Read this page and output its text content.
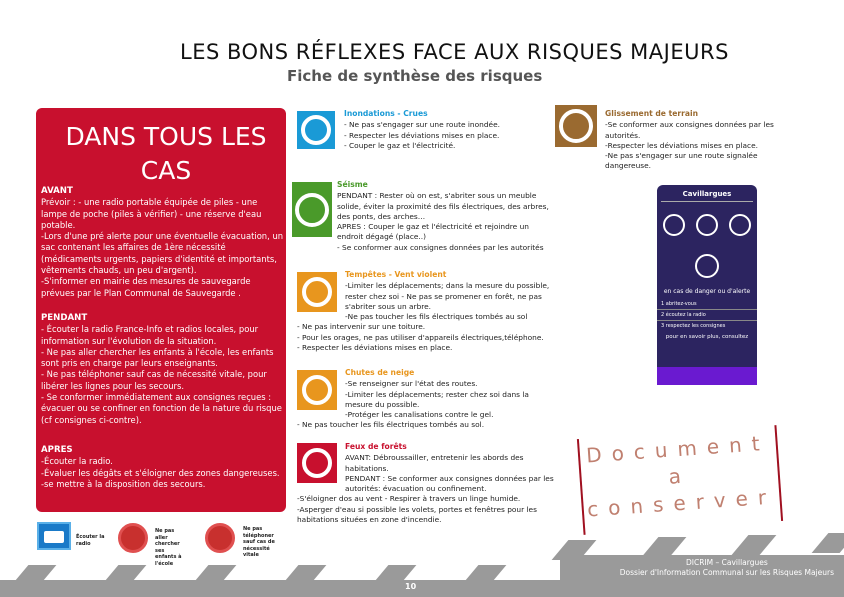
LES BONS RÉFLEXES FACE AUX RISQUES MAJEURS
Fiche de synthèse des risques
DANS TOUS LES CAS
AVANT

Prévoir : - une radio portable équipée de piles - une lampe de poche (piles à vérifier) - une réserve d'eau potable.
-Lors d'une pré alerte pour une éventuelle évacuation, un sac contenant les affaires de 1ère nécessité (médicaments urgents, papiers d'identité et importants, vêtements chauds, un peu d'argent).
-S'informer en mairie des mesures de sauvegarde prévues par le Plan Communal de Sauvegarde .

PENDANT

- Écouter la radio France-Info et radios locales, pour information sur l'évolution de la situation.
- Ne pas aller chercher les enfants à l'école, les enfants sont pris en charge par leurs enseignants.
- Ne pas téléphoner sauf cas de nécessité vitale, pour libérer les lignes pour les secours.
- Se conformer immédiatement aux consignes reçues : évacuer ou se confiner en fonction de la nature du risque (cf consignes ci-contre).

APRES

-Écouter la radio.
-Évaluer les dégâts et s'éloigner des zones dangereuses.
-se mettre à la disposition des secours.

Écouter la radio
Ne pas aller chercher ses enfants à l'école
Ne pas téléphoner sauf cas de nécessité vitale
Inondations - Crues

- Ne pas s'engager sur une route inondée.
- Respecter les déviations mises en place.
- Couper le gaz et l'électricité.

Séisme

PENDANT : Rester où on est, s'abriter sous un meuble solide, éviter la proximité des fils électriques, des arbres, des ponts, des arches…
APRES : Couper le gaz et l'électricité et rejoindre un endroit dégagé (place..)
- Se conformer aux consignes données par les autorités

Tempêtes - Vent violent

-Limiter les déplacements; dans la mesure du possible, rester chez soi - Ne pas se promener en forêt, ne pas s'abriter sous un arbre.
-Ne pas toucher les fils électriques tombés au sol

- Ne pas intervenir sur une toiture.
- Pour les orages, ne pas utiliser d'appareils électriques,téléphone.
- Respecter les déviations mises en place.

Chutes de neige

-Se renseigner sur l'état des routes.
-Limiter les déplacements; rester chez soi dans la mesure du possible.
-Protéger les canalisations contre le gel.

- Ne pas toucher les fils électriques tombés au sol.

Feux de forêts

AVANT: Débroussailler, entretenir les abords des habitations.
PENDANT : Se conformer aux consignes données par les autorités: évacuation ou confinement.

-S'éloigner dos au vent - Respirer à travers un linge humide.
-Asperger d'eau si possible les volets, portes et fenêtres pour les habitations situées en zone d'incendie.

Glissement de terrain

-Se conformer aux consignes données par les autorités.
-Respecter les déviations mises en place.
-Ne pas s'engager sur une route signalée dangereuse.

Cavillargues
en cas de danger ou d'alerte
1 abritez-vous
2 écoutez la radio
3 respectez les consignes
pour en savoir plus, consultez
Document
a
conserver
10
DICRIM – Cavillargues
Dossier d'Information Communal sur les Risques Majeurs
